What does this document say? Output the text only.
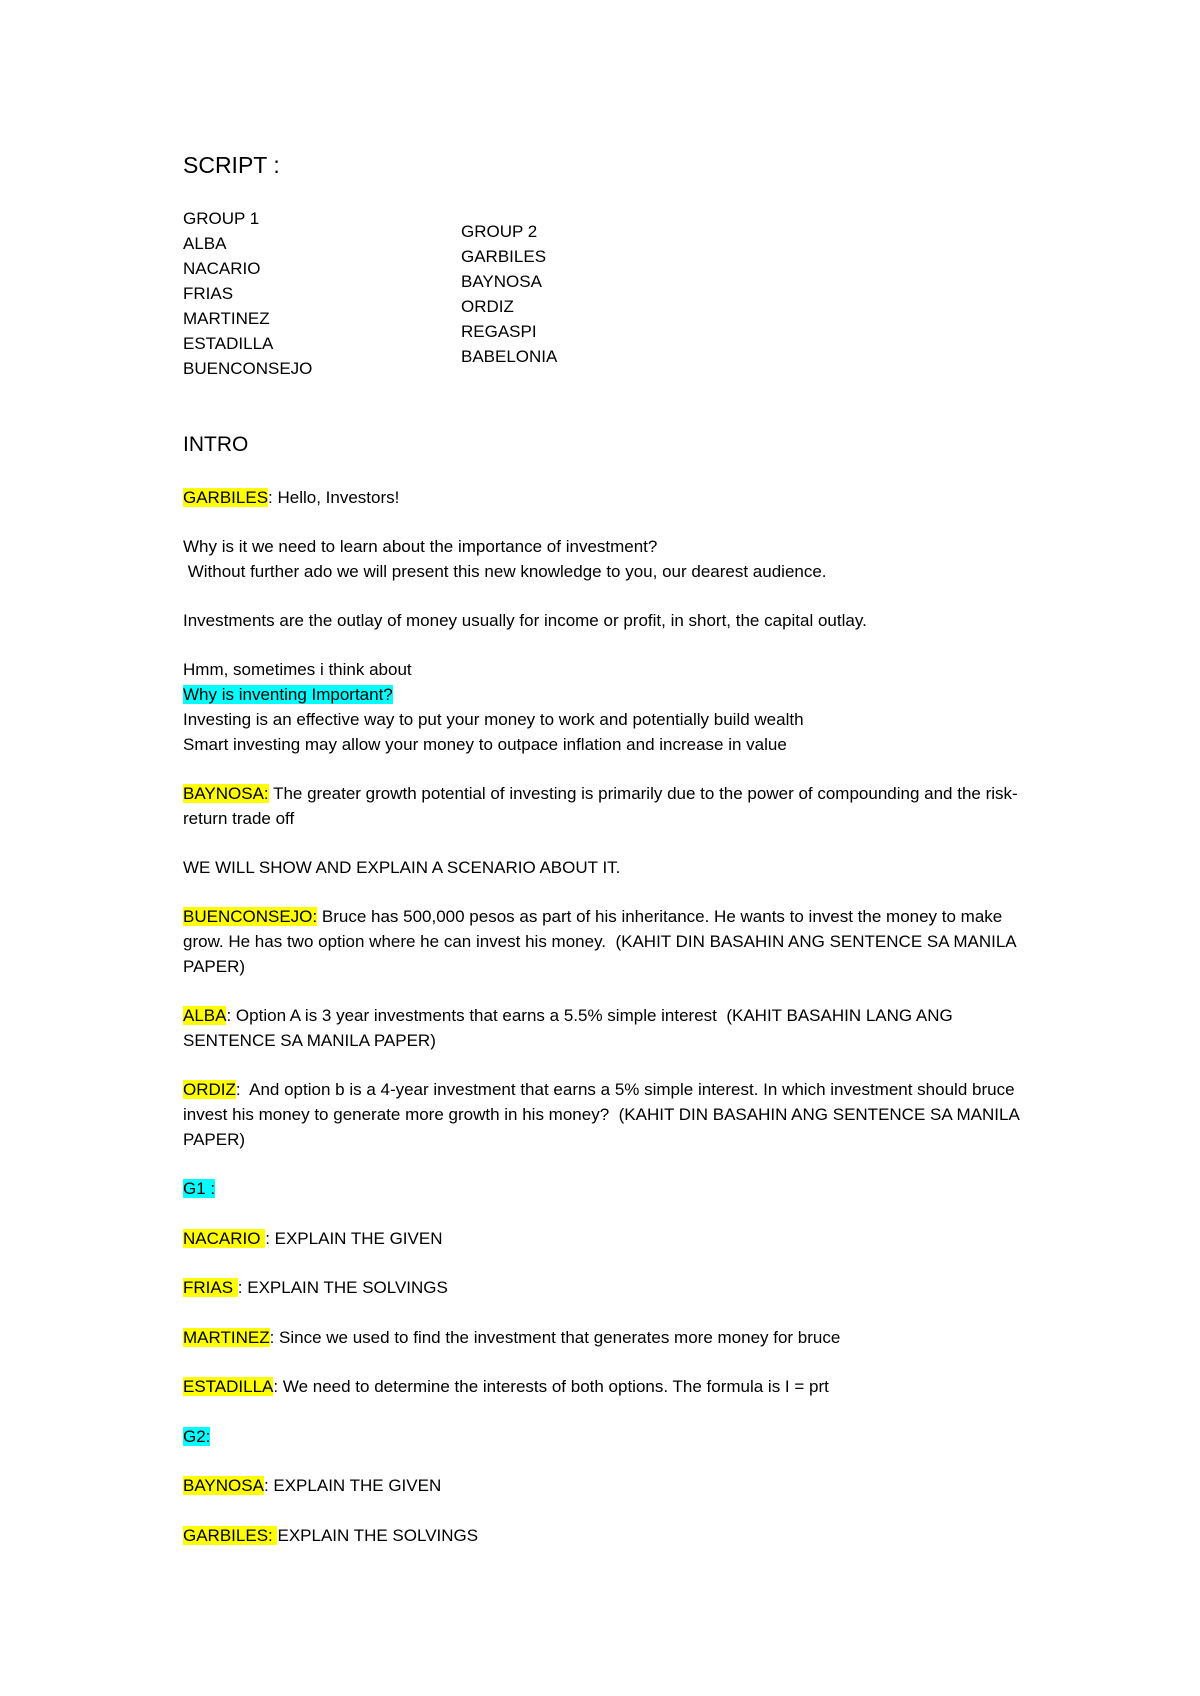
SCRIPT :
GROUP 1
ALBA
NACARIO
FRIAS
MARTINEZ
ESTADILLA
BUENCONSEJO
GROUP 2
GARBILES
BAYNOSA
ORDIZ
REGASPI
BABELONIA
INTRO
GARBILES: Hello, Investors!
Why is it we need to learn about the importance of investment?
Without further ado we will present this new knowledge to you, our dearest audience.
Investments are the outlay of money usually for income or profit, in short, the capital outlay.
Hmm, sometimes i think about
Why is inventing Important?
Investing is an effective way to put your money to work and potentially build wealth
Smart investing may allow your money to outpace inflation and increase in value
BAYNOSA: The greater growth potential of investing is primarily due to the power of compounding and the risk-return trade off
WE WILL SHOW AND EXPLAIN A SCENARIO ABOUT IT.
BUENCONSEJO: Bruce has 500,000 pesos as part of his inheritance. He wants to invest the money to make grow. He has two option where he can invest his money.  (KAHIT DIN BASAHIN ANG SENTENCE SA MANILA PAPER)
ALBA: Option A is 3 year investments that earns a 5.5% simple interest  (KAHIT BASAHIN LANG ANG SENTENCE SA MANILA PAPER)
ORDIZ:  And option b is a 4-year investment that earns a 5% simple interest. In which investment should bruce invest his money to generate more growth in his money?  (KAHIT DIN BASAHIN ANG SENTENCE SA MANILA PAPER)
G1 :
NACARIO : EXPLAIN THE GIVEN
FRIAS : EXPLAIN THE SOLVINGS
MARTINEZ: Since we used to find the investment that generates more money for bruce
ESTADILLA: We need to determine the interests of both options. The formula is I = prt
G2:
BAYNOSA: EXPLAIN THE GIVEN
GARBILES: EXPLAIN THE SOLVINGS
